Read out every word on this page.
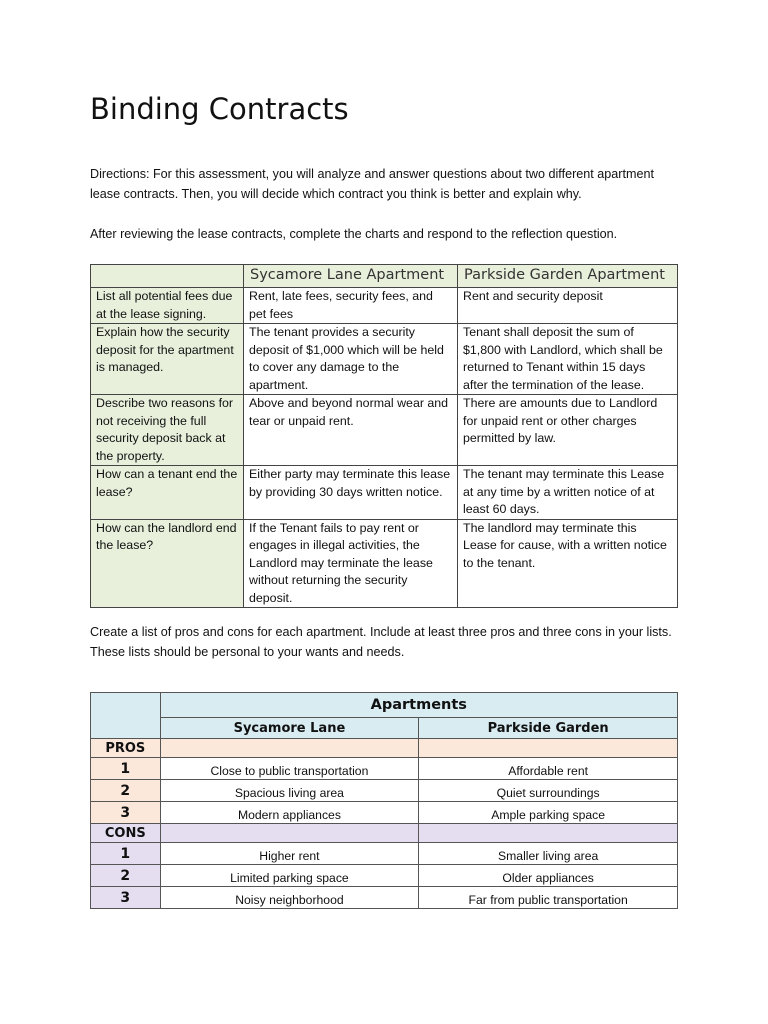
Binding Contracts

Directions: For this assessment, you will analyze and answer questions about two different apartment lease contracts. Then, you will decide which contract you think is better and explain why.

After reviewing the lease contracts, complete the charts and respond to the reflection question.

	Sycamore Lane Apartment	Parkside Garden Apartment
List all potential fees due at the lease signing.	Rent, late fees, security fees, and pet fees	Rent and security deposit
Explain how the security deposit for the apartment is managed.	The tenant provides a security deposit of $1,000 which will be held to cover any damage to the apartment.	Tenant shall deposit the sum of $1,800 with Landlord, which shall be returned to Tenant within 15 days after the termination of the lease.
Describe two reasons for not receiving the full security deposit back at the property.	Above and beyond normal wear and tear or unpaid rent.	There are amounts due to Landlord for unpaid rent or other charges permitted by law.
How can a tenant end the lease?	Either party may terminate this lease by providing 30 days written notice.	The tenant may terminate this Lease at any time by a written notice of at least 60 days.
How can the landlord end the lease?	If the Tenant fails to pay rent or engages in illegal activities, the Landlord may terminate the lease without returning the security deposit.	The landlord may terminate this Lease for cause, with a written notice to the tenant.

Create a list of pros and cons for each apartment. Include at least three pros and three cons in your lists. These lists should be personal to your wants and needs.

	Apartments	
	Sycamore Lane	Parkside Garden
PROS		
1	Close to public transportation	Affordable rent
2	Spacious living area	Quiet surroundings
3	Modern appliances	Ample parking space
CONS		
1	Higher rent	Smaller living area
2	Limited parking space	Older appliances
3	Noisy neighborhood	Far from public transportation
